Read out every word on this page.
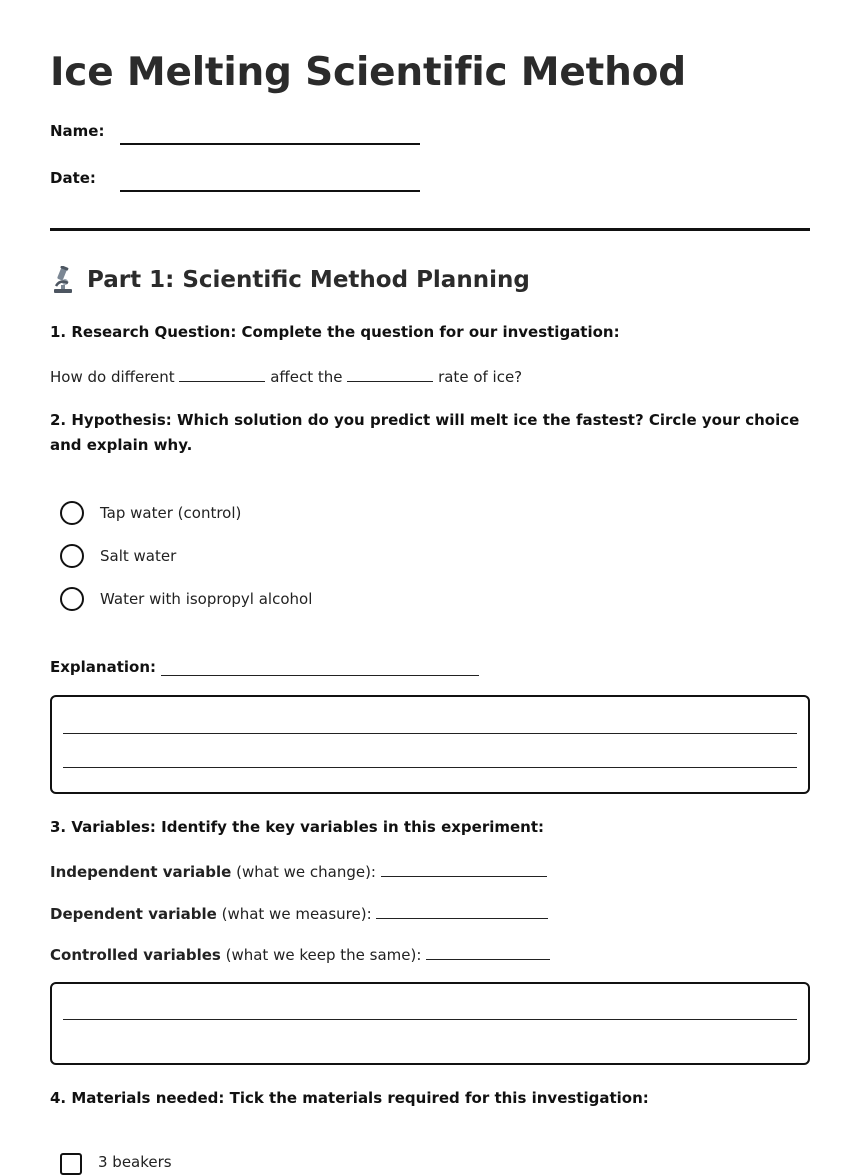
Ice Melting Scientific Method
Name:
Date:
Part 1: Scientific Method Planning
1. Research Question: Complete the question for our investigation:
How do different	affect the	rate of ice?
2. Hypothesis: Which solution do you predict will melt ice the fastest? Circle your choice and explain why.
Tap water (control)
Salt water
Water with isopropyl alcohol
Explanation:
3. Variables: Identify the key variables in this experiment:
Independent variable (what we change):
Dependent variable (what we measure):
Controlled variables (what we keep the same):
4. Materials needed: Tick the materials required for this investigation:
3 beakers
